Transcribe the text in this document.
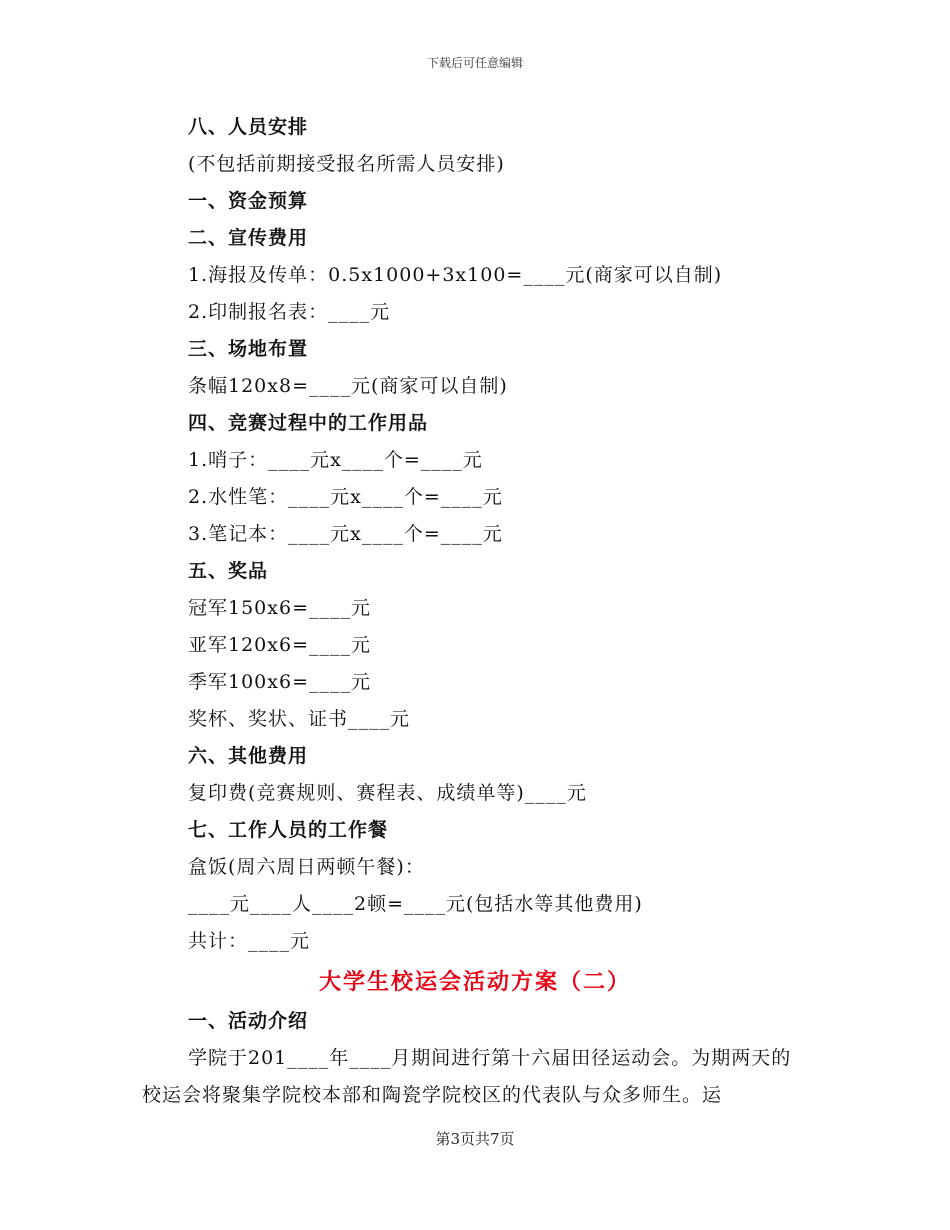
下载后可任意编辑
八、人员安排
(不包括前期接受报名所需人员安排)
一、资金预算
二、宣传费用
1.海报及传单：0.5x1000+3x100=____元(商家可以自制)
2.印制报名表：____元
三、场地布置
条幅120x8=____元(商家可以自制)
四、竞赛过程中的工作用品
1.哨子：____元x____个=____元
2.水性笔：____元x____个=____元
3.笔记本：____元x____个=____元
五、奖品
冠军150x6=____元
亚军120x6=____元
季军100x6=____元
奖杯、奖状、证书____元
六、其他费用
复印费(竞赛规则、赛程表、成绩单等)____元
七、工作人员的工作餐
盒饭(周六周日两顿午餐)：
____元____人____2顿=____元(包括水等其他费用)
共计：____元
大学生校运会活动方案（二）
一、活动介绍
学院于201____年____月期间进行第十六届田径运动会。为期两天的校运会将聚集学院校本部和陶瓷学院校区的代表队与众多师生。运
第3页共7页
